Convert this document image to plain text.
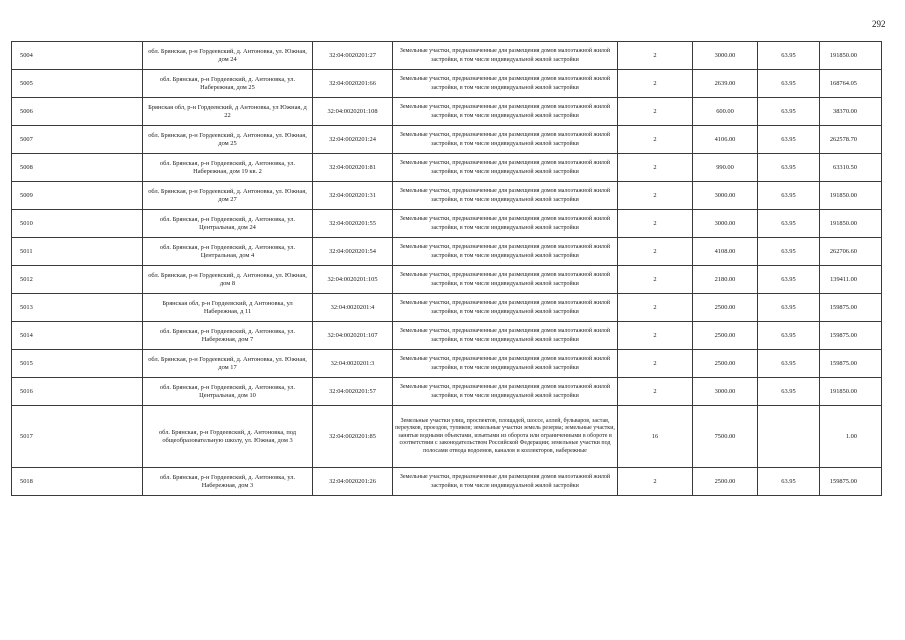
292
5004	обл. Брянская, р-н Гордеевский, д. Антоновка, ул. Южная, дом 24	32:04:0020201:27	Земельные участки, предназначенные для размещения домов малоэтажной жилой застройки, в том числе индивидуальной жилой застройки	2	3000.00	63.95	191850.00
5005	обл. Брянская, р-н Гордеевский, д. Антоновка, ул. Набережная, дом 25	32:04:0020201:66	Земельные участки, предназначенные для размещения домов малоэтажной жилой застройки, в том числе индивидуальной жилой застройки	2	2639.00	63.95	168764.05
5006	Брянская обл, р-н Гордеевский, д Антоновка, ул Южная, д 22	32:04:0020201:108	Земельные участки, предназначенные для размещения домов малоэтажной жилой застройки, в том числе индивидуальной жилой застройки	2	600.00	63.95	38370.00
5007	обл. Брянская, р-н Гордеевский, д. Антоновка, ул. Южная, дом 25	32:04:0020201:24	Земельные участки, предназначенные для размещения домов малоэтажной жилой застройки, в том числе индивидуальной жилой застройки	2	4106.00	63.95	262578.70
5008	обл. Брянская, р-н Гордеевский, д. Антоновка, ул. Набережная, дом 19 кв. 2	32:04:0020201:81	Земельные участки, предназначенные для размещения домов малоэтажной жилой застройки, в том числе индивидуальной жилой застройки	2	990.00	63.95	63310.50
5009	обл. Брянская, р-н Гордеевский, д. Антоновка, ул. Южная, дом 27	32:04:0020201:31	Земельные участки, предназначенные для размещения домов малоэтажной жилой застройки, в том числе индивидуальной жилой застройки	2	3000.00	63.95	191850.00
5010	обл. Брянская, р-н Гордеевский, д. Антоновка, ул. Центральная, дом 24	32:04:0020201:55	Земельные участки, предназначенные для размещения домов малоэтажной жилой застройки, в том числе индивидуальной жилой застройки	2	3000.00	63.95	191850.00
5011	обл. Брянская, р-н Гордеевский, д. Антоновка, ул. Центральная, дом 4	32:04:0020201:54	Земельные участки, предназначенные для размещения домов малоэтажной жилой застройки, в том числе индивидуальной жилой застройки	2	4108.00	63.95	262706.60
5012	обл. Брянская, р-н Гордеевский, д. Антоновка, ул. Южная, дом 8	32:04:0020201:105	Земельные участки, предназначенные для размещения домов малоэтажной жилой застройки, в том числе индивидуальной жилой застройки	2	2180.00	63.95	139411.00
5013	Брянская обл, р-н Гордеевский, д Антоновка, ул Набережная, д 11	32:04:0020201:4	Земельные участки, предназначенные для размещения домов малоэтажной жилой застройки, в том числе индивидуальной жилой застройки	2	2500.00	63.95	159875.00
5014	обл. Брянская, р-н Гордеевский, д. Антоновка, ул. Набережная, дом 7	32:04:0020201:107	Земельные участки, предназначенные для размещения домов малоэтажной жилой застройки, в том числе индивидуальной жилой застройки	2	2500.00	63.95	159875.00
5015	обл. Брянская, р-н Гордеевский, д. Антоновка, ул. Южная, дом 17	32:04:0020201:3	Земельные участки, предназначенные для размещения домов малоэтажной жилой застройки, в том числе индивидуальной жилой застройки	2	2500.00	63.95	159875.00
5016	обл. Брянская, р-н Гордеевский, д. Антоновка, ул. Центральная, дом 10	32:04:0020201:57	Земельные участки, предназначенные для размещения домов малоэтажной жилой застройки, в том числе индивидуальной жилой застройки	2	3000.00	63.95	191850.00
5017	обл. Брянская, р-н Гордеевский, д. Антоновка, под общеобразовательную школу, ул. Южная, дом 3	32:04:0020201:85	Земельные участки улиц, проспектов, площадей, шоссе, аллей, бульваров, застав, переулков, проездов, тупиков; земельные участки земель резерва; земельные участки, занятые водными объектами, изъятыми из оборота или ограниченными в обороте в соответствии с законодательством Российской Федерации; земельные участки под полосами отвода водоемов, каналов и коллекторов, набережные	16	7500.00		1.00
5018	обл. Брянская, р-н Гордеевский, д. Антоновка, ул. Набережная, дом 3	32:04:0020201:26	Земельные участки, предназначенные для размещения домов малоэтажной жилой застройки, в том числе индивидуальной жилой застройки	2	2500.00	63.95	159875.00
